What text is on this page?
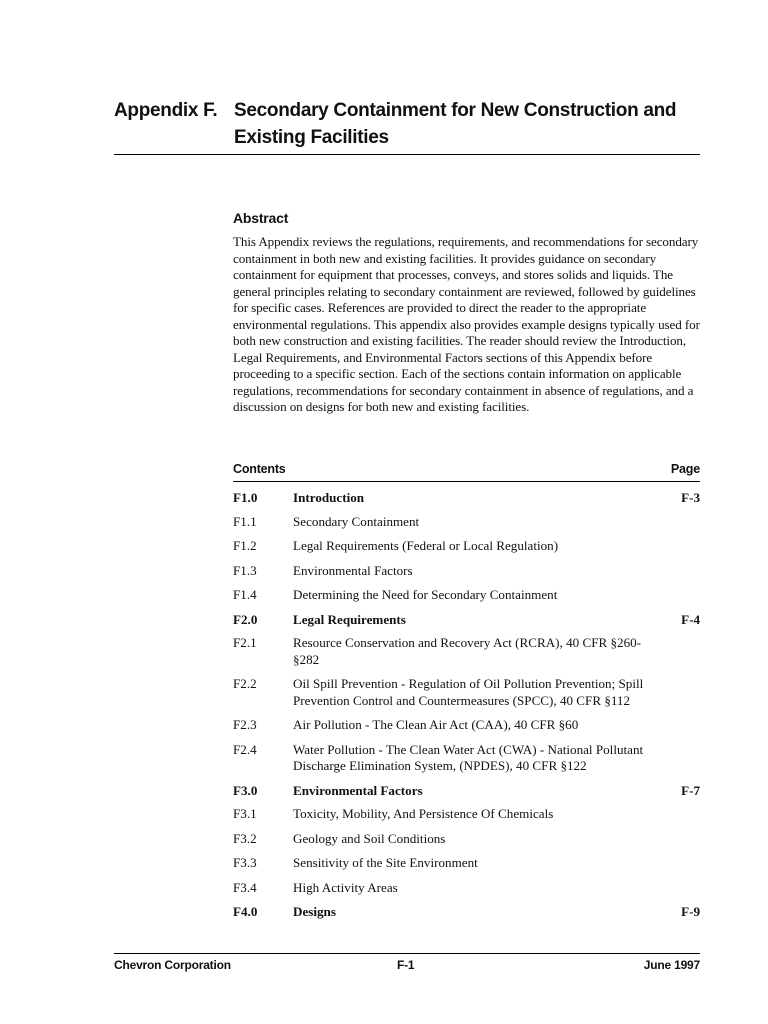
Appendix F. Secondary Containment for New Construction and Existing Facilities
Abstract

This Appendix reviews the regulations, requirements, and recommendations for secondary containment in both new and existing facilities. It provides guidance on secondary containment for equipment that processes, conveys, and stores solids and liquids. The general principles relating to secondary containment are reviewed, followed by guidelines for specific cases. References are provided to direct the reader to the appropriate environmental regulations. This appendix also provides example designs typically used for both new construction and existing facilities. The reader should review the Introduction, Legal Requirements, and Environmental Factors sections of this Appendix before proceeding to a specific section. Each of the sections contain information on applicable regulations, recommendations for secondary containment in absence of regulations, and a discussion on designs for both new and existing facilities.

Contents	Page
F1.0	Introduction	F-3
F1.1	Secondary Containment
F1.2	Legal Requirements (Federal or Local Regulation)
F1.3	Environmental Factors
F1.4	Determining the Need for Secondary Containment
F2.0	Legal Requirements	F-4
F2.1	Resource Conservation and Recovery Act (RCRA), 40 CFR §260-§282
F2.2	Oil Spill Prevention - Regulation of Oil Pollution Prevention; Spill Prevention Control and Countermeasures (SPCC), 40 CFR §112
F2.3	Air Pollution - The Clean Air Act (CAA), 40 CFR §60
F2.4	Water Pollution - The Clean Water Act (CWA) - National Pollutant Discharge Elimination System, (NPDES), 40 CFR §122
F3.0	Environmental Factors	F-7
F3.1	Toxicity, Mobility, And Persistence Of Chemicals
F3.2	Geology and Soil Conditions
F3.3	Sensitivity of the Site Environment
F3.4	High Activity Areas
F4.0	Designs	F-9
Chevron Corporation	F-1	June 1997
